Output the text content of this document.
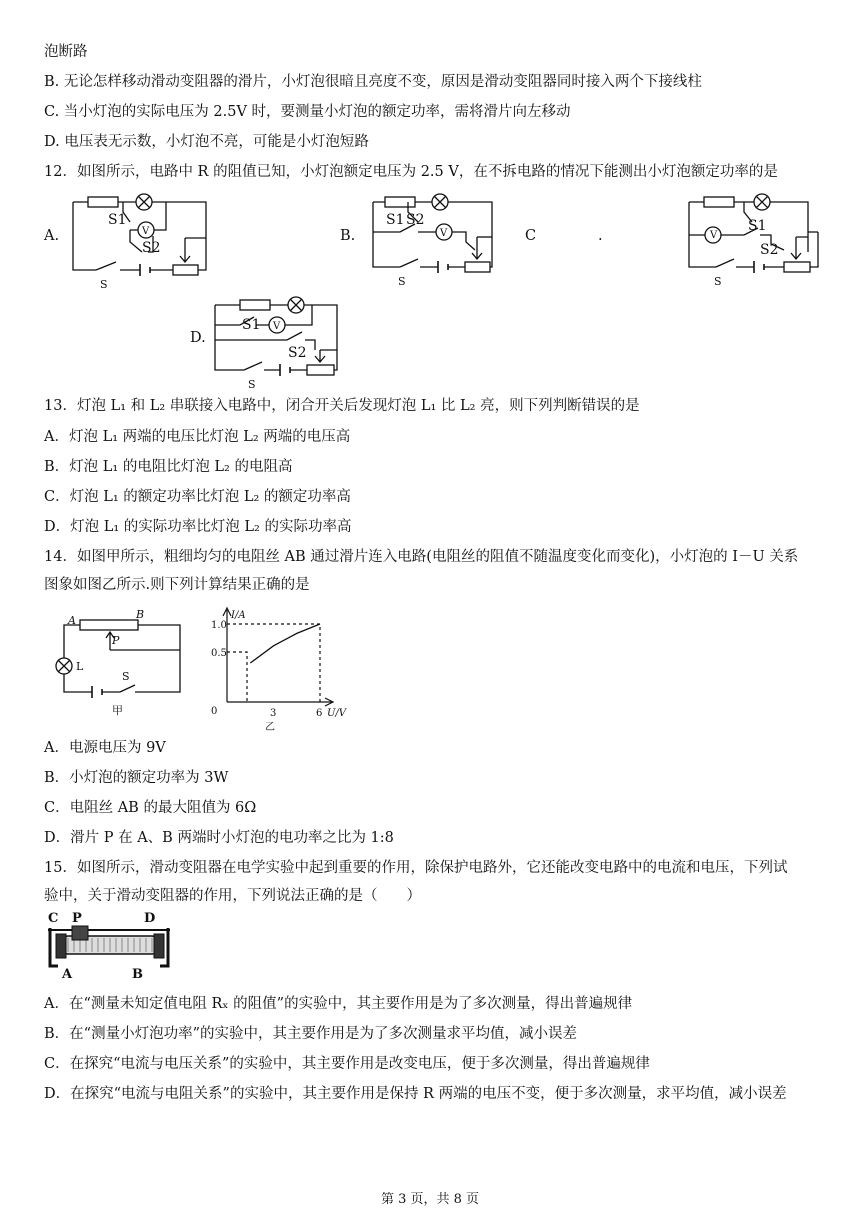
泡断路
B. 无论怎样移动滑动变阻器的滑片，小灯泡很暗且亮度不变，原因是滑动变阻器同时接入两个下接线柱
C. 当小灯泡的实际电压为 2.5V 时，要测量小灯泡的额定功率，需将滑片向左移动
D. 电压表无示数，小灯泡不亮，可能是小灯泡短路
12．如图所示，电路中 R 的阻值已知，小灯泡额定电压为 2.5 V，在不拆电路的情况下能测出小灯泡额定功率的是
A.	B.	C	.
D.
S1
V
S2
S
S1 S2
V
S
V
S1
S2
S
S1 V
S2
S
13．灯泡 L₁ 和 L₂ 串联接入电路中，闭合开关后发现灯泡 L₁ 比 L₂ 亮，则下列判断错误的是
A．灯泡 L₁ 两端的电压比灯泡 L₂ 两端的电压高
B．灯泡 L₁ 的电阻比灯泡 L₂ 的电阻高
C．灯泡 L₁ 的额定功率比灯泡 L₂ 的额定功率高
D．灯泡 L₁ 的实际功率比灯泡 L₂ 的实际功率高
14．如图甲所示，粗细均匀的电阻丝 AB 通过滑片连入电路(电阻丝的阻值不随温度变化而变化)，小灯泡的 I－U 关系
图象如图乙所示.则下列计算结果正确的是
A	B
P
L
S
甲
I/A
U/V
1.0
0.5
0	3	6
乙
A．电源电压为 9V
B．小灯泡的额定功率为 3W
C．电阻丝 AB 的最大阻值为 6Ω
D．滑片 P 在 A、B 两端时小灯泡的电功率之比为 1:8
15．如图所示，滑动变阻器在电学实验中起到重要的作用，除保护电路外，它还能改变电路中的电流和电压，下列试
验中，关于滑动变阻器的作用，下列说法正确的是（　　）
C P	D
A	B
A．在“测量未知定值电阻 Rₓ 的阻值”的实验中，其主要作用是为了多次测量，得出普遍规律
B．在“测量小灯泡功率”的实验中，其主要作用是为了多次测量求平均值，减小误差
C．在探究“电流与电压关系”的实验中，其主要作用是改变电压，便于多次测量，得出普遍规律
D．在探究“电流与电阻关系”的实验中，其主要作用是保持 R 两端的电压不变，便于多次测量，求平均值，减小误差
第 3 页，共 8 页
